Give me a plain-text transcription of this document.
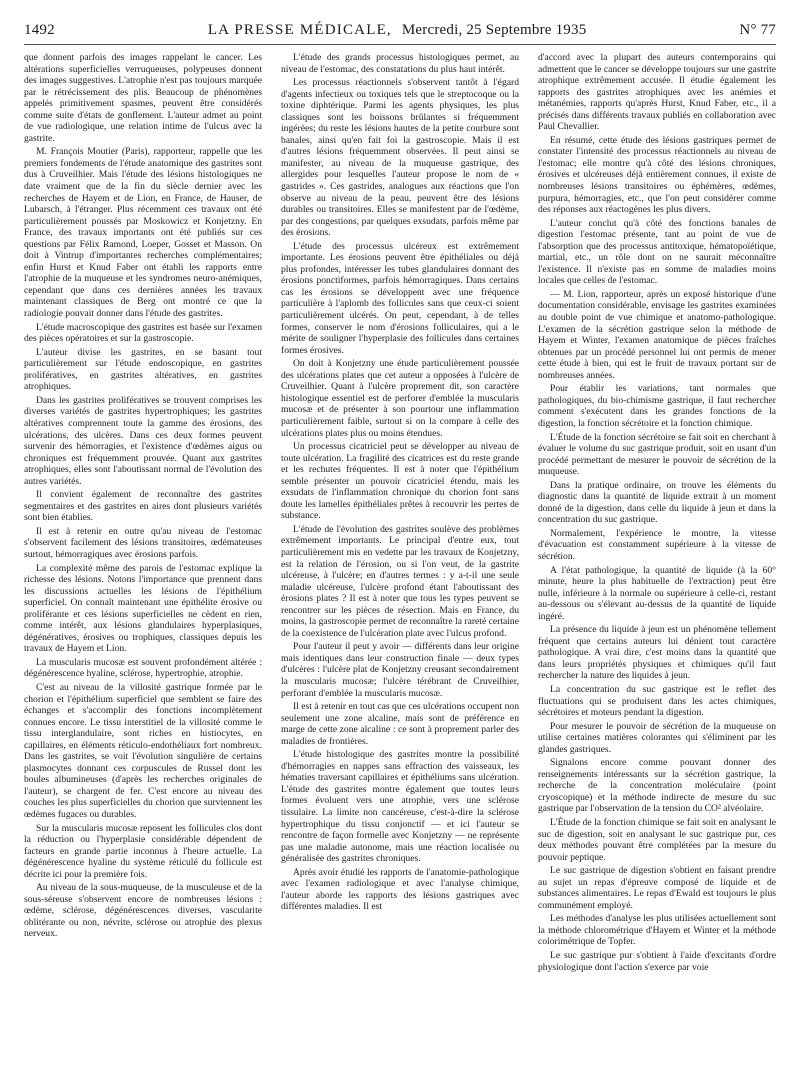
1492	LA PRESSE MÉDICALE, Mercredi, 25 Septembre 1935	N° 77

que donnent parfois des images rappelant le cancer. Les altérations superficielles verruqueuses, polypeuses donnent des images suggestives. L'atrophie n'est pas toujours marquée par le rétrécissement des plis. Beaucoup de phénomènes appelés primitivement spasmes, peuvent être considérés comme suite d'états de gonflement. L'auteur admet au point de vue radiologique, une relation intime de l'ulcus avec la gastrite.

M. François Moutier (Paris), rapporteur, rappelle que les premiers fondements de l'étude anatomique des gastrites sont dus à Cruveilhier. Mais l'étude des lésions histologiques ne date vraiment que de la fin du siècle dernier avec les recherches de Hayem et de Lion, en France, de Hauser, de Lubarsch, à l'étranger. Plus récemment ces travaux ont été particulièrement poussés par Moskowicz et Konjetzny. En France, des travaux importants ont été publiés sur ces questions par Félix Ramond, Loeper, Gosset et Masson. On doit à Vintrup d'importantes recherches complémentaires; enfin Hurst et Knud Faber ont établi les rapports entre l'atrophie de la muqueuse et les syndromes neuro-anémiques, cependant que dans ces dernières années les travaux maintenant classiques de Berg ont montré ce que la radiologie pouvait donner dans l'étude des gastrites.

L'étude macroscopique des gastrites est basée sur l'examen des pièces opératoires et sur la gastroscopie.

L'auteur divise les gastrites, en se basant tout particulièrement sur l'étude endoscopique, en gastrites prolifératives, en gastrites altératives, en gastrites atrophiques.

Dans les gastrites prolifératives se trouvent comprises les diverses variétés de gastrites hypertrophiques; les gastrites altératives comprennent toute la gamme des érosions, des ulcérations, des ulcères. Dans ces deux formes peuvent survenir des hémorragies, et l'existence d'œdèmes aigus ou chroniques est fréquemment prouvée. Quant aux gastrites atrophiques, elles sont l'aboutissant normal de l'évolution des autres variétés.

Il convient également de reconnaître des gastrites segmentaires et des gastrites en aires dont plusieurs variétés sont bien établies.

Il est à retenir en outre qu'au niveau de l'estomac s'observent facilement des lésions transitoires, œdémateuses surtout, hémorragiques avec érosions parfois.

La complexité même des parois de l'estomac explique la richesse des lésions. Notons l'importance que prennent dans les discussions actuelles les lésions de l'épithélium superficiel. On connaît maintenant une épithélite érosive ou proliférante et ces lésions superficielles ne cèdent en rien, comme intérêt, aux lésions glandulaires hyperplasiques, dégénératives, érosives ou trophiques, classiques depuis les travaux de Hayem et Lion.

La muscularis mucosæ est souvent profondément altérée : dégénérescence hyaline, sclérose, hypertrophie, atrophie.

C'est au niveau de la villosité gastrique formée par le chorion et l'épithélium superficiel que semblent se faire des échanges et s'accomplir des fonctions incomplètement connues encore. Le tissu interstitiel de la villosité comme le tissu interglandulaire, sont riches en histiocytes, en capillaires, en éléments réticulo-endothéliaux fort nombreux. Dans les gastrites, se voit l'évolution singulière de certains plasmocytes donnant ces corpuscules de Russel dont les boules albumineuses (d'après les recherches originales de l'auteur), se chargent de fer. C'est encore au niveau des couches les plus superficielles du chorion que surviennent les œdèmes fugaces ou durables.

Sur la muscularis mucosæ reposent les follicules clos dont la réduction ou l'hyperplasie considérable dépendent de facteurs en grande partie inconnus à l'heure actuelle. La dégénérescence hyaline du système réticulé du follicule est décrite ici pour la première fois.

Au niveau de la sous-muqueuse, de la musculeuse et de la sous-séreuse s'observent encore de nombreuses lésions : œdème, sclérose, dégénérescences diverses, vascularite oblitérante ou non, névrite, sclérose ou atrophie des plexus nerveux.

L'étude des grands processus histologiques permet, au niveau de l'estomac, des constatations du plus haut intérêt.

Les processus réactionnels s'observent tantôt à l'égard d'agents infectieux ou toxiques tels que le streptocoque ou la toxine diphtérique. Parmi les agents physiques, les plus classiques sont les boissons brûlantes si fréquemment ingérées; du reste les lésions hautes de la petite courbure sont banales, ainsi qu'en fait foi la gastroscopie. Mais il est d'autres lésions fréquemment observées. Il peut ainsi se manifester, au niveau de la muqueuse gastrique, des allergides pour lesquelles l'auteur propose le nom de « gastrides ». Ces gastrides, analogues aux réactions que l'on observe au niveau de la peau, peuvent être des lésions durables ou transitoires. Elles se manifestent par de l'œdème, par des congestions, par quelques exsudats, parfois même par des érosions.

L'étude des processus ulcéreux est extrêmement importante. Les érosions peuvent être épithéliales ou déjà plus profondes, intéresser les tubes glandulaires donnant des érosions ponctiformes, parfois hémorragiques. Dans certains cas les érosions se développent avec une fréquence particulière à l'aplomb des follicules sans que ceux-ci soient particulièrement ulcérés. On peut, cependant, à de telles formes, conserver le nom d'érosions folliculaires, qui a le mérite de souligner l'hyperplasie des follicules dans certaines formes érosives.

On doit à Konjetzny une étude particulièrement poussée des ulcérations plates que cet auteur a opposées à l'ulcère de Cruveilhier. Quant à l'ulcère proprement dit, son caractère histologique essentiel est de perforer d'emblée la muscularis mucosæ et de présenter à son pourtour une inflammation particulièrement faible, surtout si on la compare à celle des ulcérations plates plus ou moins étendues.

Un processus cicatriciel peut se développer au niveau de toute ulcération. La fragilité des cicatrices est du reste grande et les rechutes fréquentes. Il est à noter que l'épithélium semble présenter un pouvoir cicatriciel étendu, mais les exsudats de l'inflammation chronique du chorion font sans doute les lamelles épithéliales prêtes à recouvrir les pertes de substance.

L'étude de l'évolution des gastrites soulève des problèmes extrêmement importants. Le principal d'entre eux, tout particulièrement mis en vedette par les travaux de Konjetzny, est la relation de l'érosion, ou si l'on veut, de la gastrite ulcéreuse, à l'ulcère; en d'autres termes : y a-t-il une seule maladie ulcéreuse, l'ulcère profond étant l'aboutissant des érosions plates ? Il est à noter que tous les types peuvent se rencontrer sur les pièces de résection. Mais en France, du moins, la gastroscopie permet de reconnaître la rareté certaine de la coexistence de l'ulcération plate avec l'ulcus profond.

Pour l'auteur il peut y avoir — différents dans leur origine mais identiques dans leur construction finale — deux types d'ulcères : l'ulcère plat de Konjetzny creusant secondairement la muscularis mucosæ; l'ulcère térébrant de Cruveilhier, perforant d'emblée la muscularis mucosæ.

Il est à retenir en tout cas que ces ulcérations occupent non seulement une zone alcaline, mais sont de préférence en marge de cette zone alcaline : ce sont à proprement parler des maladies de frontières.

L'étude histologique des gastrites montre la possibilité d'hémorragies en nappes sans effraction des vaisseaux, les hématies traversant capillaires et épithéliums sans ulcération. L'étude des gastrites montre également que toutes leurs formes évoluent vers une atrophie, vers une sclérose tissulaire. La limite non cancéreuse, c'est-à-dire la sclérose hypertrophique du tissu conjonctif — et ici l'auteur se rencontre de façon formelle avec Konjetzny — ne représente pas une maladie autonome, mais une réaction localisée ou généralisée des gastrites chroniques.

Après avoir étudié les rapports de l'anatomie-pathologique avec l'examen radiologique et avec l'analyse chimique, l'auteur aborde les rapports des lésions gastriques avec différentes maladies. Il est

d'accord avec la plupart des auteurs contemporains qui admettent que le cancer se développe toujours sur une gastrite atrophique extrêmement accusée. Il étudie également les rapports des gastrites atrophiques avec les anémies et métanémies, rapports qu'après Hurst, Knud Faber, etc., il a précisés dans différents travaux publiés en collaboration avec Paul Chevallier.

En résumé, cette étude des lésions gastriques permet de constater l'intensité des processus réactionnels au niveau de l'estomac; elle montre qu'à côté des lésions chroniques, érosives et ulcéreuses déjà entièrement connues, il existe de nombreuses lésions transitoires ou éphémères, œdèmes, purpura, hémorragies, etc., que l'on peut considérer comme des réponses aux réactogènes les plus divers.

L'auteur conclut qu'à côté des fonctions banales de digestion l'estomac présente, tant au point de vue de l'absorption que des processus antitoxique, hématopoïétique, martial, etc., un rôle dont on ne saurait méconnaître l'existence. Il n'existe pas en somme de maladies moins locales que celles de l'estomac.

— M. Lion, rapporteur, après un exposé historique d'une documentation considérable, envisage les gastrites examinées au double point de vue chimique et anatomo-pathologique. L'examen de la sécrétion gastrique selon la méthode de Hayem et Winter, l'examen anatomique de pièces fraîches obtenues par un procédé personnel lui ont permis de mener cette étude à bien, qui est le fruit de travaux portant sur de nombreuses années.

Pour établir les variations, tant normales que pathologiques, du bio-chimisme gastrique, il faut rechercher comment s'exécutent dans les grandes fonctions de la digestion, la fonction sécrétoire et la fonction chimique.

L'Étude de la fonction sécrétoire se fait soit en cherchant à évaluer le volume du suc gastrique produit, soit en usant d'un procédé permettant de mesurer le pouvoir de sécrétion de la muqueuse.

Dans la pratique ordinaire, on trouve les éléments du diagnostic dans la quantité de liquide extrait à un moment donné de la digestion, dans celle du liquide à jeun et dans la concentration du suc gastrique.

Normalement, l'expérience le montre, la vitesse d'évacuation est constamment supérieure à la vitesse de sécrétion.

A l'état pathologique, la quantité de liquide (à la 60° minute, heure la plus habituelle de l'extraction) peut être nulle, inférieure à la normale ou supérieure à celle-ci, restant au-dessous ou s'élevant au-dessus de la quantité de liquide ingéré.

La présence du liquide à jeun est un phénomène tellement fréquent que certains auteurs lui dénient tout caractère pathologique. A vrai dire, c'est moins dans la quantité que dans leurs propriétés physiques et chimiques qu'il faut rechercher la nature des liquides à jeun.

La concentration du suc gastrique est le reflet des fluctuations qui se produisent dans les actes chimiques, sécrétoires et moteurs pendant la digestion.

Pour mesurer le pouvoir de sécrétion de la muqueuse on utilise certaines matières colorantes qui s'éliminent par les glandes gastriques.

Signalons encore comme pouvant donner des renseignements intéressants sur la sécrétion gastrique, la recherche de la concentration moléculaire (point cryoscopique) et la méthode indirecte de mesure du suc gastrique par l'observation de la tension du CO² alvéolaire.

L'Étude de la fonction chimique se fait soit en analysant le suc de digestion, soit en analysant le suc gastrique pur, ces deux méthodes pouvant être complétées par la mesure du pouvoir peptique.

Le suc gastrique de digestion s'obtient en faisant prendre au sujet un repas d'épreuve composé de liquide et de substances alimentaires. Le repas d'Ewald est toujours le plus communément employé.

Les méthodes d'analyse les plus utilisées actuellement sont la méthode chlorométrique d'Hayem et Winter et la méthode colorimétrique de Topfer.

Le suc gastrique pur s'obtient à l'aide d'excitants d'ordre physiologique dont l'action s'exerce par voie
